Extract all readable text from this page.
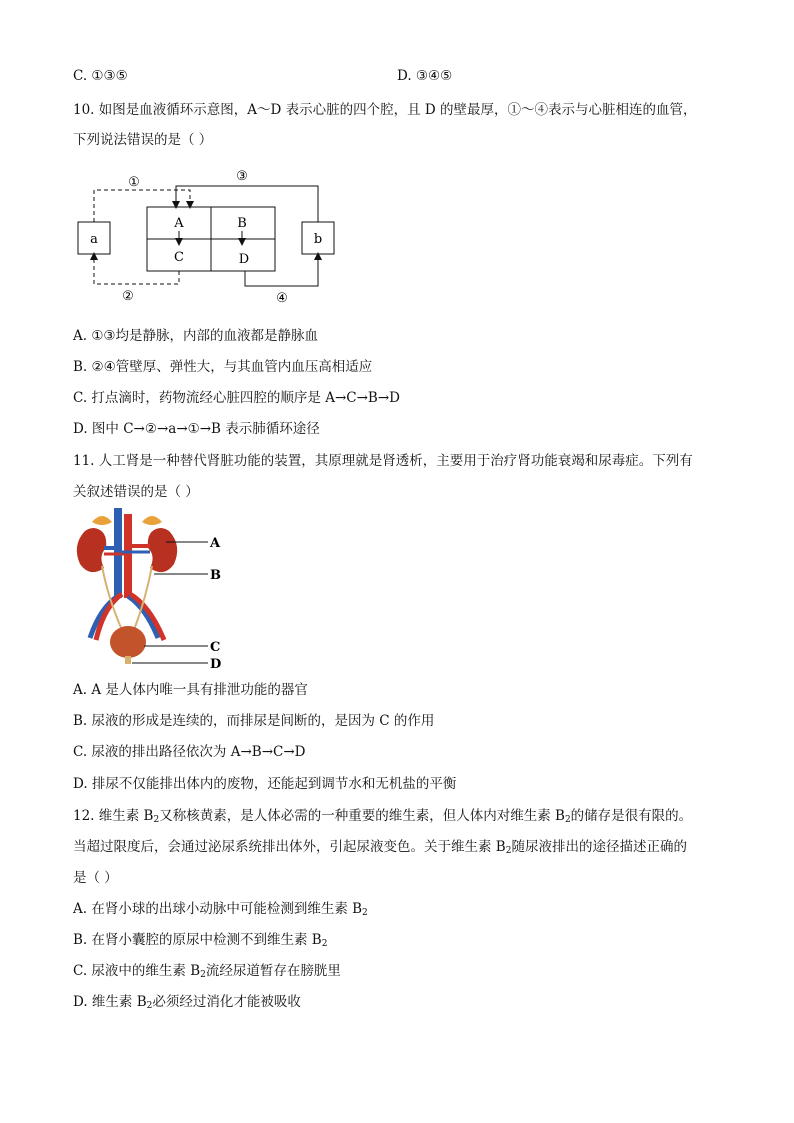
C. ①③⑤	D. ③④⑤
10. 如图是血液循环示意图，A～D 表示心脏的四个腔，且 D 的壁最厚，①～④表示与心脏相连的血管，
下列说法错误的是（ ）
a
A	B
C	D
b
①	③
②	④
A. ①③均是静脉，内部的血液都是静脉血
B. ②④管壁厚、弹性大，与其血管内血压高相适应
C. 打点滴时，药物流经心脏四腔的顺序是 A→C→B→D
D. 图中 C→②→a→①→B 表示肺循环途径
11. 人工肾是一种替代肾脏功能的装置，其原理就是肾透析，主要用于治疗肾功能衰竭和尿毒症。下列有
关叙述错误的是（ ）
A
B
C
D
A. A 是人体内唯一具有排泄功能的器官
B. 尿液的形成是连续的，而排尿是间断的，是因为 C 的作用
C. 尿液的排出路径依次为 A→B→C→D
D. 排尿不仅能排出体内的废物，还能起到调节水和无机盐的平衡
12. 维生素 $B_2$又称核黄素，是人体必需的一种重要的维生素，但人体内对维生素 $B_2$的储存是很有限的。
当超过限度后，会通过泌尿系统排出体外，引起尿液变色。关于维生素 $B_2$随尿液排出的途径描述正确的
是（ ）
A. 在肾小球的出球小动脉中可能检测到维生素 $B_2$
B. 在肾小囊腔的原尿中检测不到维生素 $B_2$
C. 尿液中的维生素 $B_2$流经尿道暂存在膀胱里
D. 维生素 $B_2$必须经过消化才能被吸收
